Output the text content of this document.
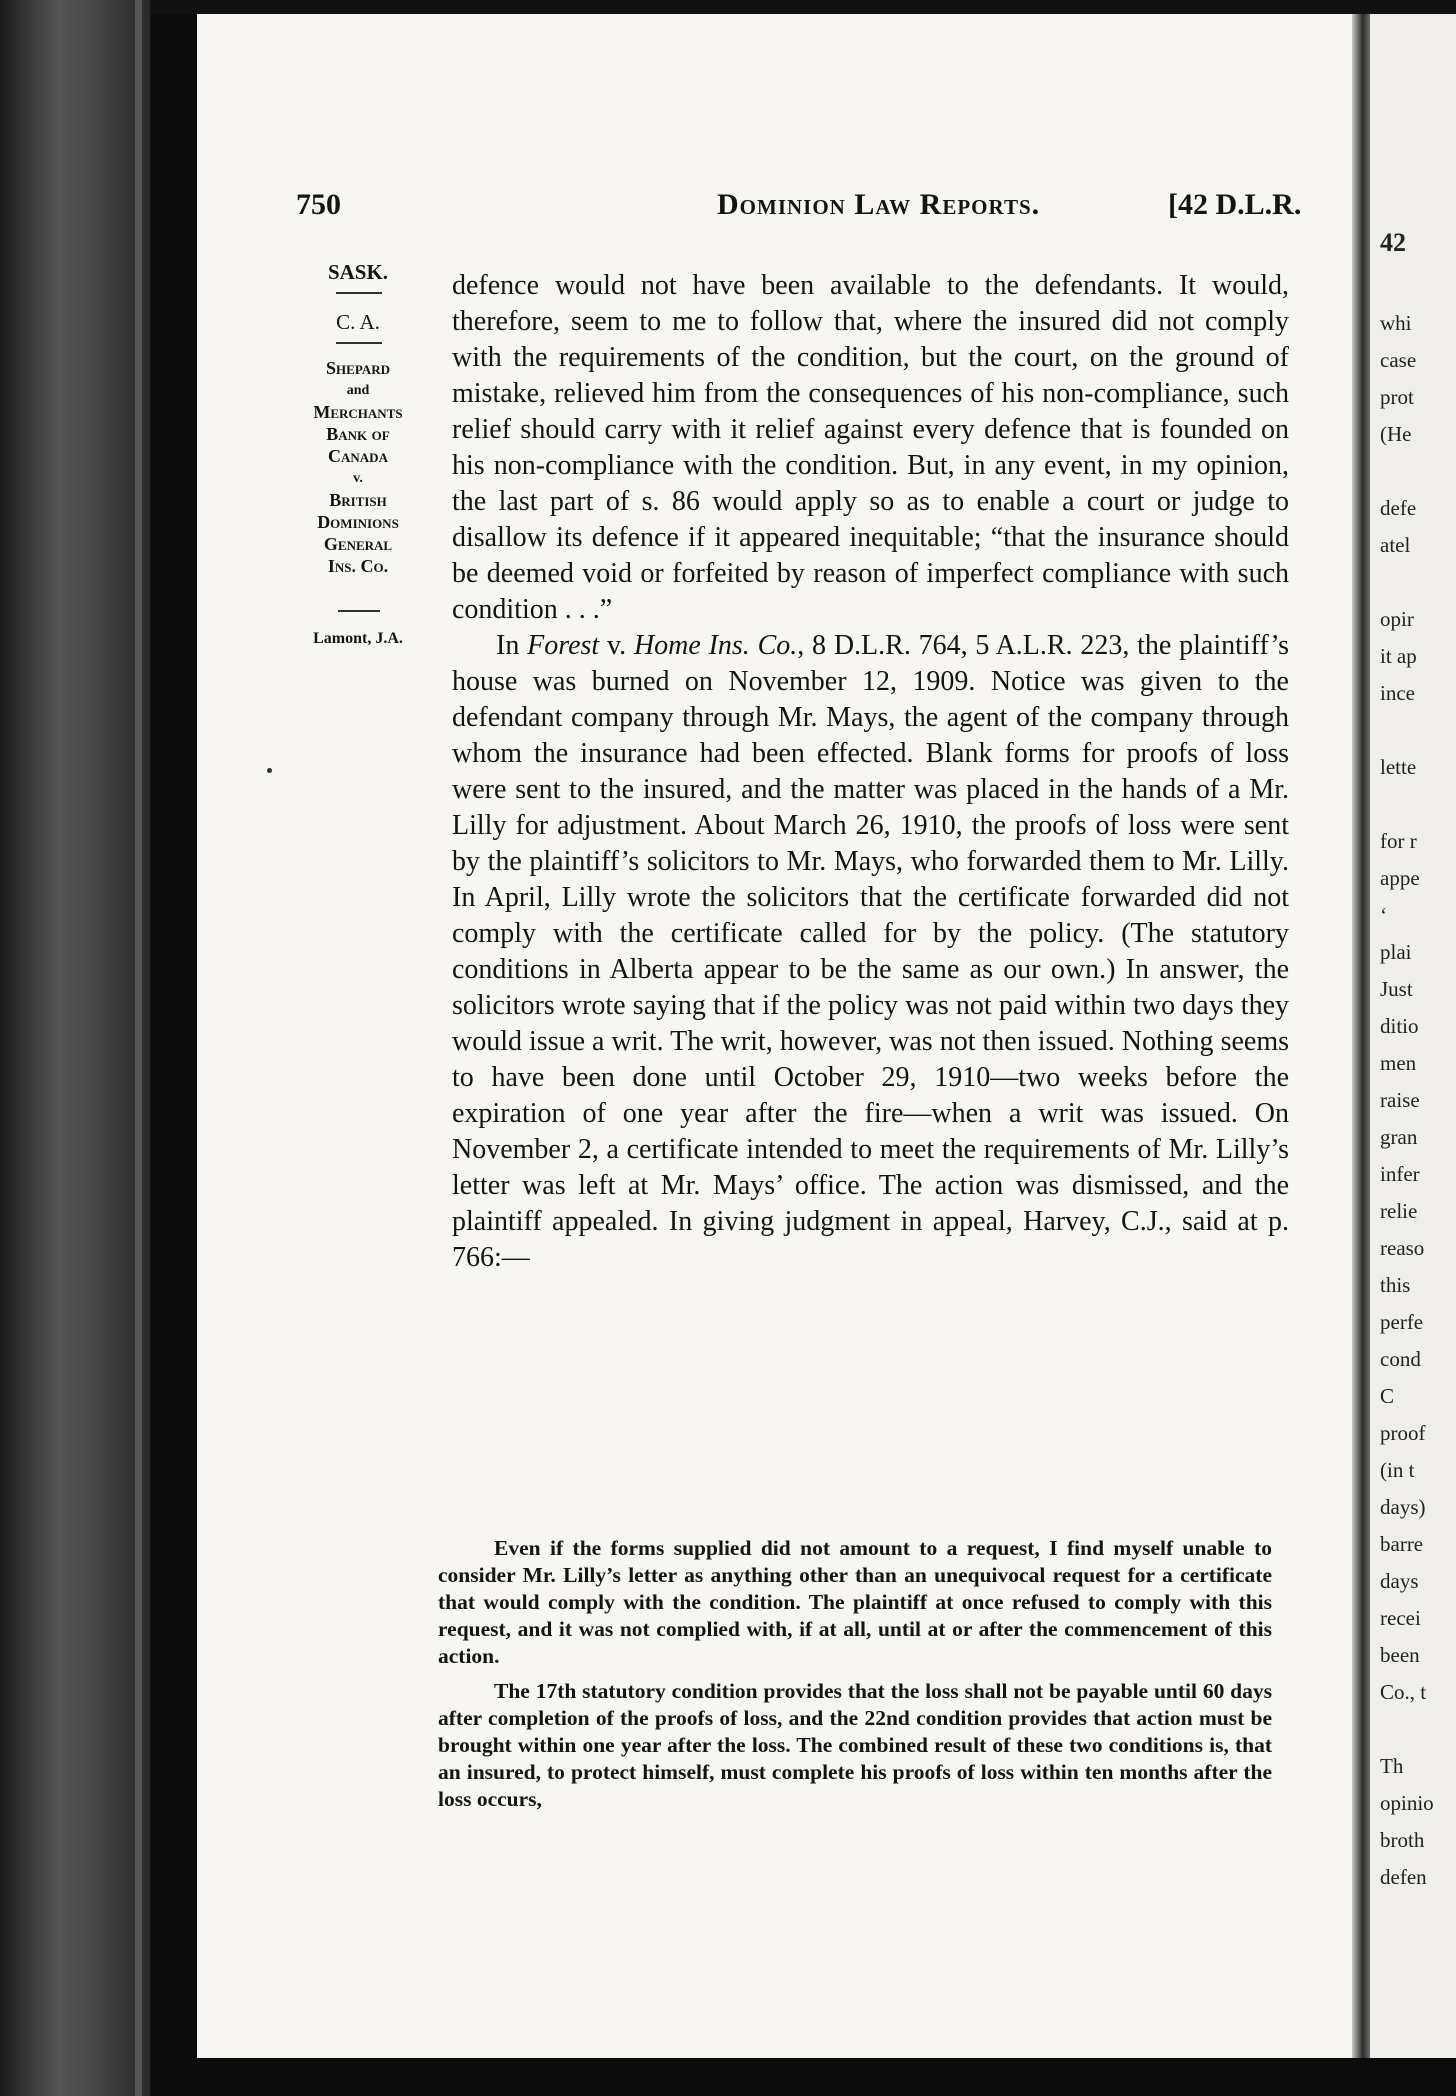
42
whi
case
prot
(He
defe
atel
opir
it ap
ince
lette
for r
appe
‘
plai
Just
ditio
men
raise
gran
infer
relie
reaso
this
perfe
cond
C
proof
(in t
days)
barre
days
recei
been
Co., t
Th
opinio
broth
defen
750	Dominion Law Reports.	[42 D.L.R.
SASK.
C. A.
Shepard
and
Merchants
Bank of
Canada
v.
British
Dominions
General
Ins. Co.
Lamont, J.A.

defence would not have been available to the defendants. It would, therefore, seem to me to follow that, where the insured did not comply with the requirements of the condition, but the court, on the ground of mistake, relieved him from the consequences of his non-compliance, such relief should carry with it relief against every defence that is founded on his non-compliance with the condition. But, in any event, in my opinion, the last part of s. 86 would apply so as to enable a court or judge to disallow its defence if it appeared inequitable; “that the insurance should be deemed void or forfeited by reason of imperfect compliance with such condition . . .”

In Forest v. Home Ins. Co., 8 D.L.R. 764, 5 A.L.R. 223, the plaintiff’s house was burned on November 12, 1909. Notice was given to the defendant company through Mr. Mays, the agent of the company through whom the insurance had been effected. Blank forms for proofs of loss were sent to the insured, and the matter was placed in the hands of a Mr. Lilly for adjustment. About March 26, 1910, the proofs of loss were sent by the plaintiff’s solicitors to Mr. Mays, who forwarded them to Mr. Lilly. In April, Lilly wrote the solicitors that the certificate forwarded did not comply with the certificate called for by the policy. (The statutory conditions in Alberta appear to be the same as our own.) In answer, the solicitors wrote saying that if the policy was not paid within two days they would issue a writ. The writ, however, was not then issued. Nothing seems to have been done until October 29, 1910—two weeks before the expiration of one year after the fire—when a writ was issued. On November 2, a certificate intended to meet the requirements of Mr. Lilly’s letter was left at Mr. Mays’ office. The action was dismissed, and the plaintiff appealed. In giving judgment in appeal, Harvey, C.J., said at p. 766:—

Even if the forms supplied did not amount to a request, I find myself unable to consider Mr. Lilly’s letter as anything other than an unequivocal request for a certificate that would comply with the condition. The plaintiff at once refused to comply with this request, and it was not complied with, if at all, until at or after the commencement of this action.

The 17th statutory condition provides that the loss shall not be payable until 60 days after completion of the proofs of loss, and the 22nd condition provides that action must be brought within one year after the loss. The combined result of these two conditions is, that an insured, to protect himself, must complete his proofs of loss within ten months after the loss occurs,
